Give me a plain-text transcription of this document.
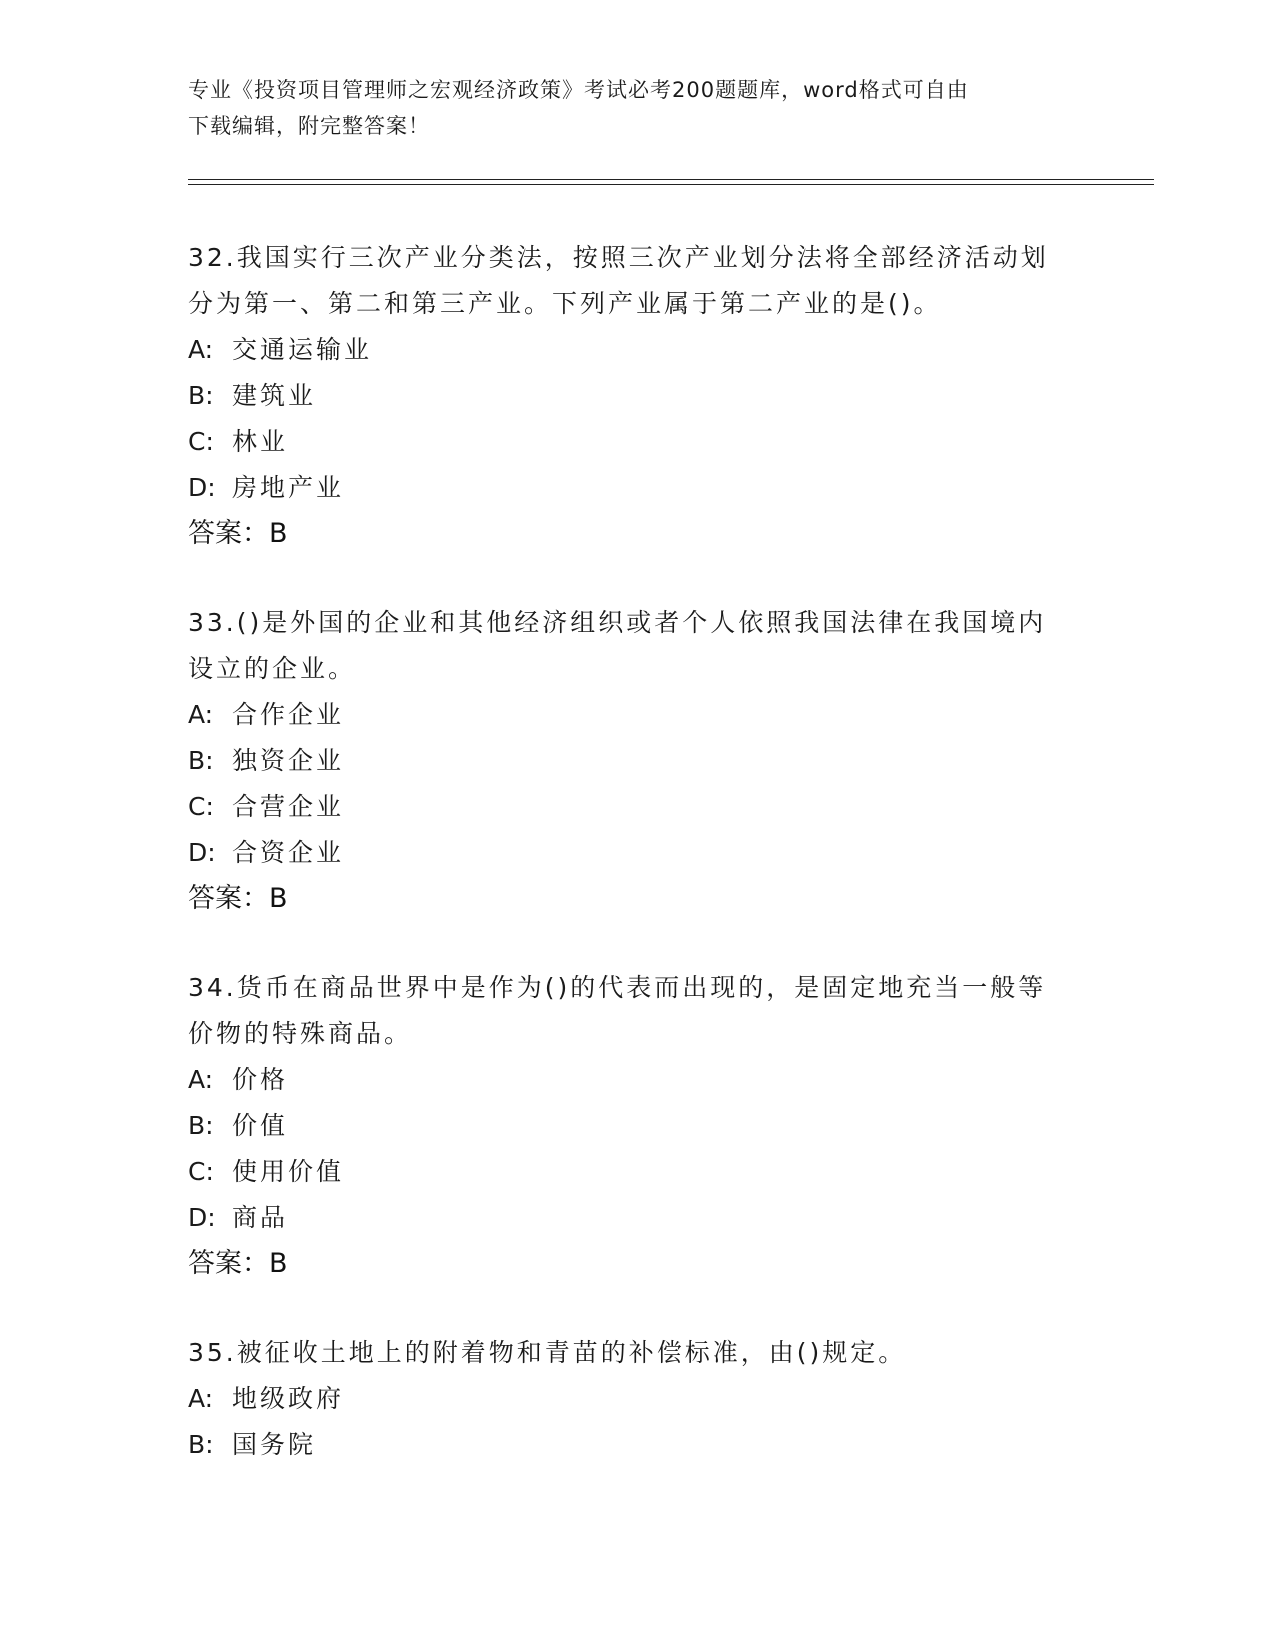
专业《投资项目管理师之宏观经济政策》考试必考200题题库，word格式可自由
下载编辑，附完整答案！
32.我国实行三次产业分类法，按照三次产业划分法将全部经济活动划
分为第一、第二和第三产业。下列产业属于第二产业的是()。
A: 交通运输业
B: 建筑业
C: 林业
D: 房地产业
答案：B
33.()是外国的企业和其他经济组织或者个人依照我国法律在我国境内
设立的企业。
A: 合作企业
B: 独资企业
C: 合营企业
D: 合资企业
答案：B
34.货币在商品世界中是作为()的代表而出现的，是固定地充当一般等
价物的特殊商品。
A: 价格
B: 价值
C: 使用价值
D: 商品
答案：B
35.被征收土地上的附着物和青苗的补偿标准，由()规定。
A: 地级政府
B: 国务院
